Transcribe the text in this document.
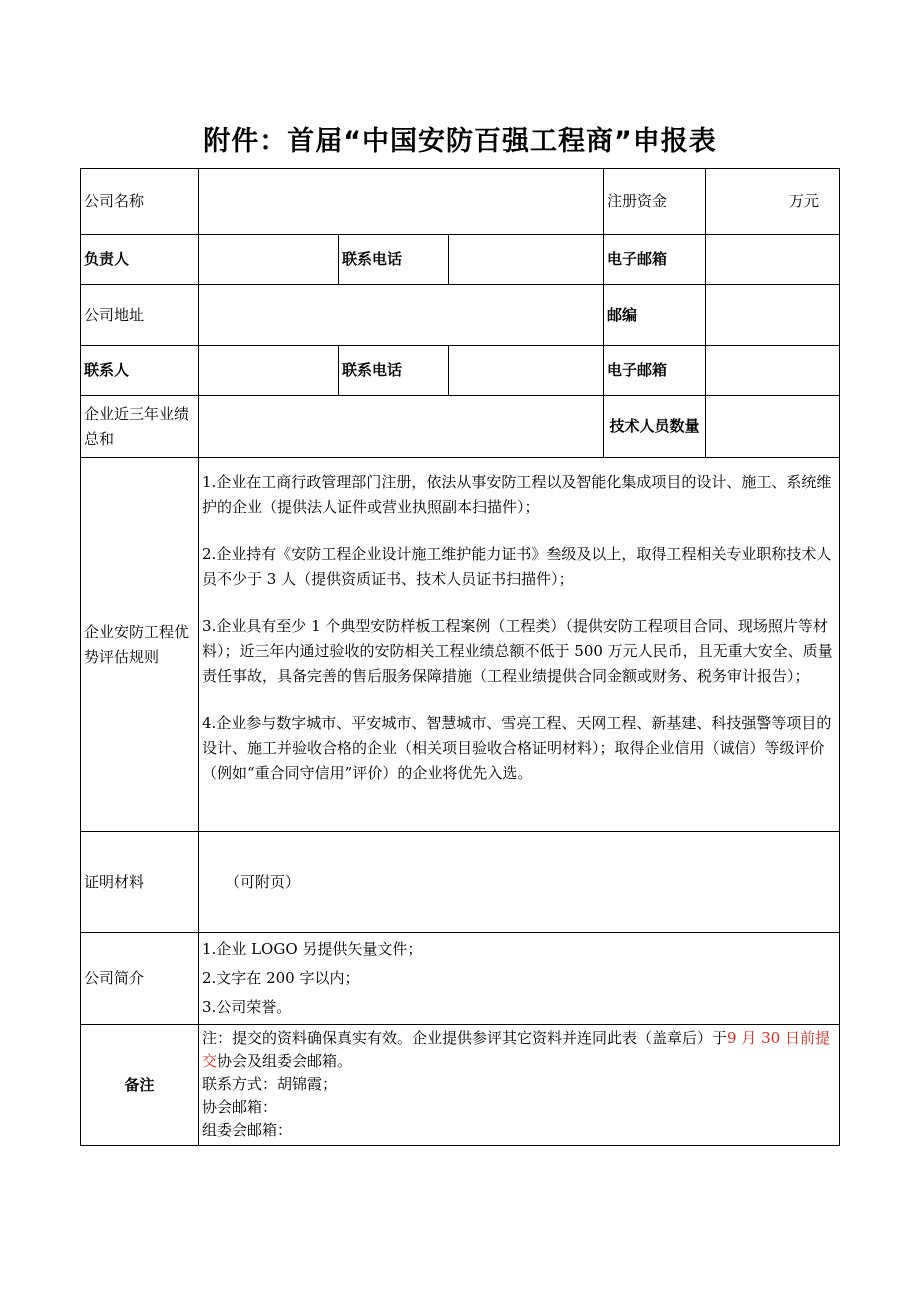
附件：首届“中国安防百强工程商”申报表
公司名称				注册资金	万元
负责人		联系电话		电子邮箱	
公司地址				邮编	
联系人		联系电话		电子邮箱	
企业近三年业绩总和				技术人员数量	
企业安防工程优势评估规则	1.企业在工商行政管理部门注册，依法从事安防工程以及智能化集成项目的设计、施工、系统维护的企业（提供法人证件或营业执照副本扫描件）；

2.企业持有《安防工程企业设计施工维护能力证书》叁级及以上，取得工程相关专业职称技术人员不少于 3 人（提供资质证书、技术人员证书扫描件）；

3.企业具有至少 1 个典型安防样板工程案例（工程类）（提供安防工程项目合同、现场照片等材料）；近三年内通过验收的安防相关工程业绩总额不低于 500 万元人民币，且无重大安全、质量责任事故，具备完善的售后服务保障措施（工程业绩提供合同金额或财务、税务审计报告）；

4.企业参与数字城市、平安城市、智慧城市、雪亮工程、天网工程、新基建、科技强警等项目的设计、施工并验收合格的企业（相关项目验收合格证明材料）；取得企业信用（诚信）等级评价（例如“重合同守信用”评价）的企业将优先入选。				

证明材料	（可附页）				
公司简介	1.企业 LOGO 另提供矢量文件；
2.文字在 200 字以内；
3.公司荣誉。				

备注	注：提交的资料确保真实有效。企业提供参评其它资料并连同此表（盖章后）于9 月 30 日前提交协会及组委会邮箱。
联系方式：胡锦霞；
协会邮箱：
组委会邮箱：				
